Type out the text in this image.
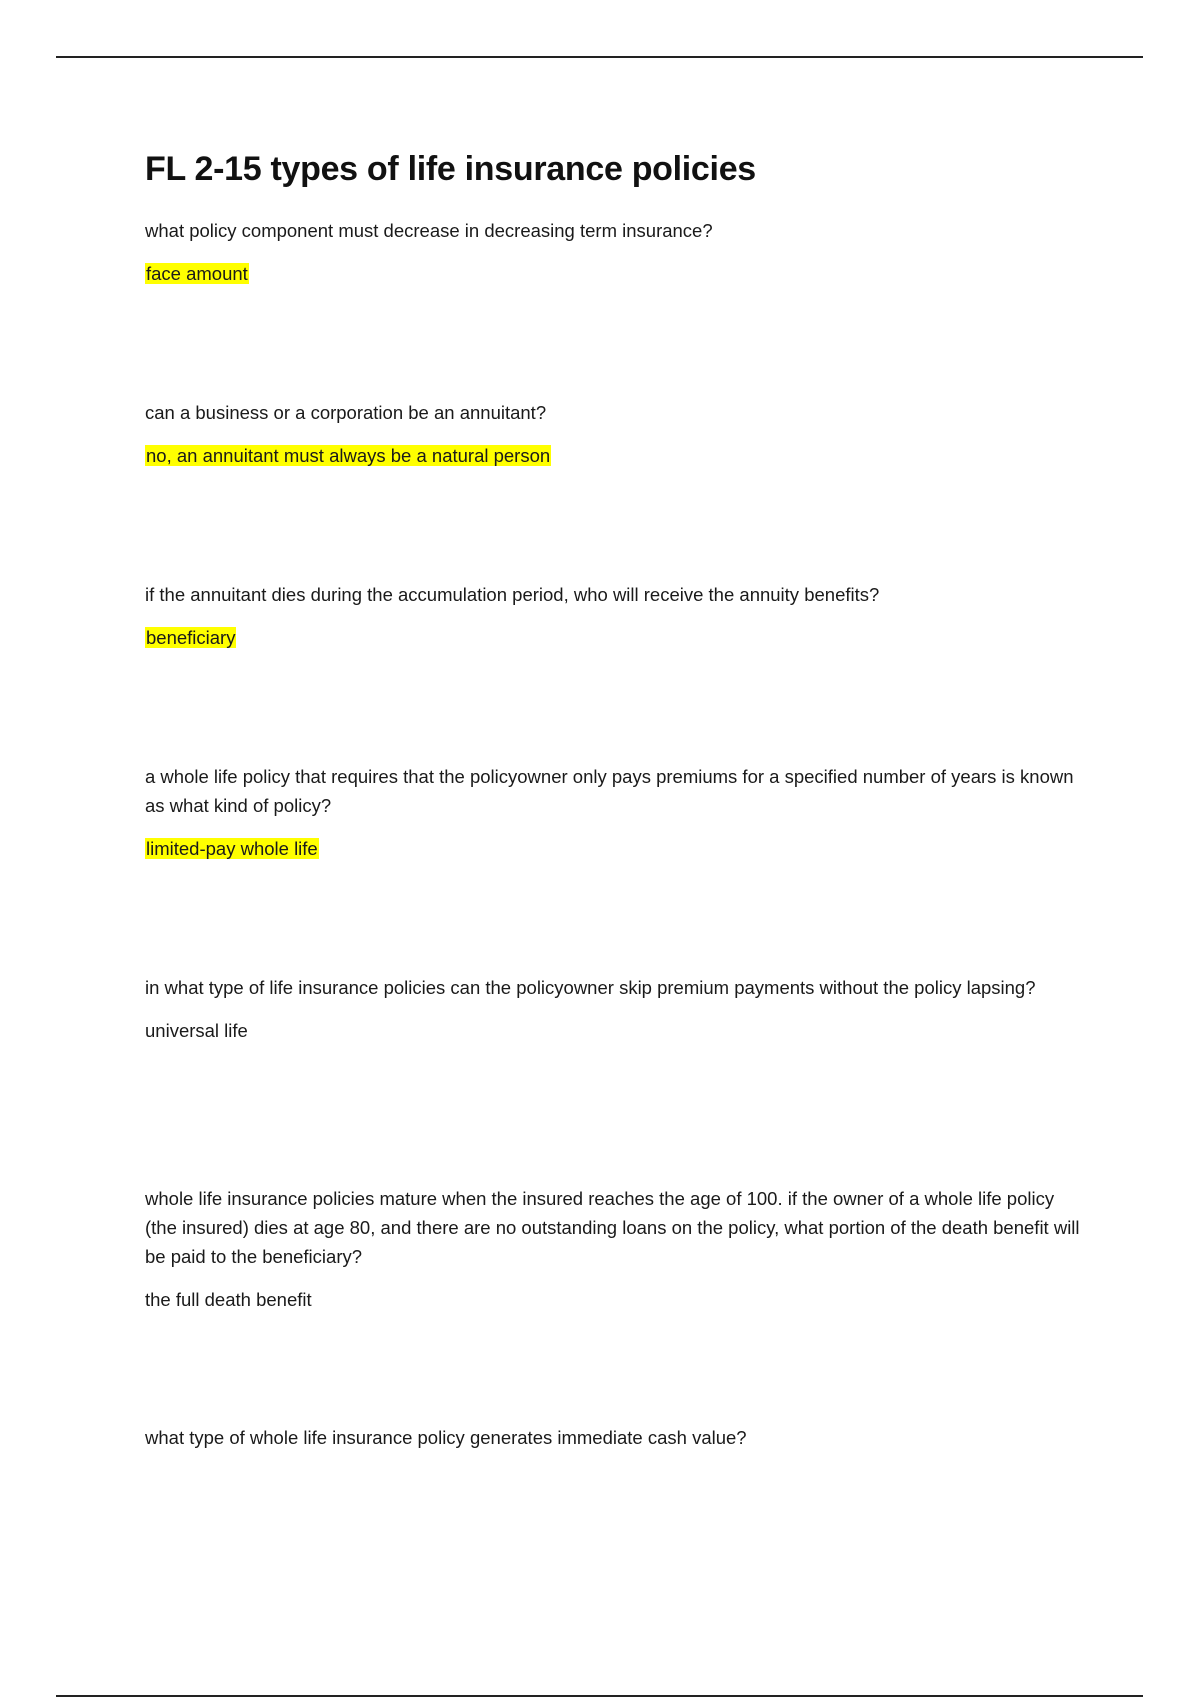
FL 2-15 types of life insurance policies

what policy component must decrease in decreasing term insurance?

face amount

can a business or a corporation be an annuitant?

no, an annuitant must always be a natural person

if the annuitant dies during the accumulation period, who will receive the annuity benefits?

beneficiary

a whole life policy that requires that the policyowner only pays premiums for a specified number of years is known as what kind of policy?

limited-pay whole life

in what type of life insurance policies can the policyowner skip premium payments without the policy lapsing?

universal life

whole life insurance policies mature when the insured reaches the age of 100. if the owner of a whole life policy (the insured) dies at age 80, and there are no outstanding loans on the policy, what portion of the death benefit will be paid to the beneficiary?

the full death benefit

what type of whole life insurance policy generates immediate cash value?
